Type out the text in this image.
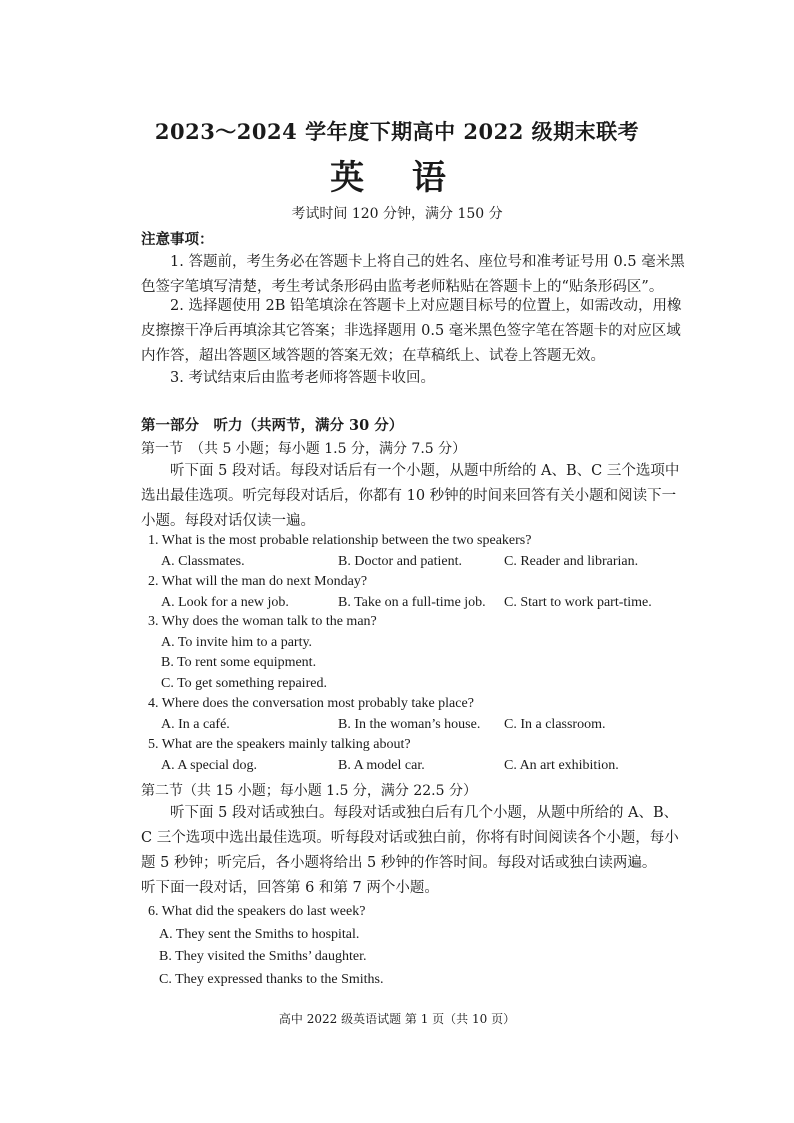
2023～2024 学年度下期高中 2022 级期末联考
英 语
考试时间 120 分钟，满分 150 分
注意事项：
1. 答题前，考生务必在答题卡上将自己的姓名、座位号和准考证号用 0.5 毫米黑色签字笔填写清楚，考生考试条形码由监考老师粘贴在答题卡上的“贴条形码区”。
2. 选择题使用 2B 铅笔填涂在答题卡上对应题目标号的位置上，如需改动，用橡皮擦擦干净后再填涂其它答案；非选择题用 0.5 毫米黑色签字笔在答题卡的对应区域内作答，超出答题区域答题的答案无效；在草稿纸上、试卷上答题无效。
3. 考试结束后由监考老师将答题卡收回。
第一部分　听力（共两节，满分 30 分）
第一节　（共 5 小题；每小题 1.5 分，满分 7.5 分）
听下面 5 段对话。每段对话后有一个小题，从题中所给的 A、B、C 三个选项中选出最佳选项。听完每段对话后，你都有 10 秒钟的时间来回答有关小题和阅读下一小题。每段对话仅读一遍。
1. What is the most probable relationship between the two speakers?
A. Classmates.	B. Doctor and patient.	C. Reader and librarian.
2. What will the man do next Monday?
A. Look for a new job.	B. Take on a full-time job. C. Start to work part-time.
3. Why does the woman talk to the man?
A. To invite him to a party.
B. To rent some equipment.
C. To get something repaired.
4. Where does the conversation most probably take place?
A. In a café.	B. In the woman’s house. C. In a classroom.
5. What are the speakers mainly talking about?
A. A special dog.	B. A model car.	C. An art exhibition.
第二节（共 15 小题；每小题 1.5 分，满分 22.5 分）
听下面 5 段对话或独白。每段对话或独白后有几个小题，从题中所给的 A、B、C 三个选项中选出最佳选项。听每段对话或独白前，你将有时间阅读各个小题，每小题 5 秒钟；听完后，各小题将给出 5 秒钟的作答时间。每段对话或独白读两遍。
听下面一段对话，回答第 6 和第 7 两个小题。
6. What did the speakers do last week?
A. They sent the Smiths to hospital.
B. They visited the Smiths’ daughter.
C. They expressed thanks to the Smiths.
高中 2022 级英语试题 第 1 页（共 10 页）
